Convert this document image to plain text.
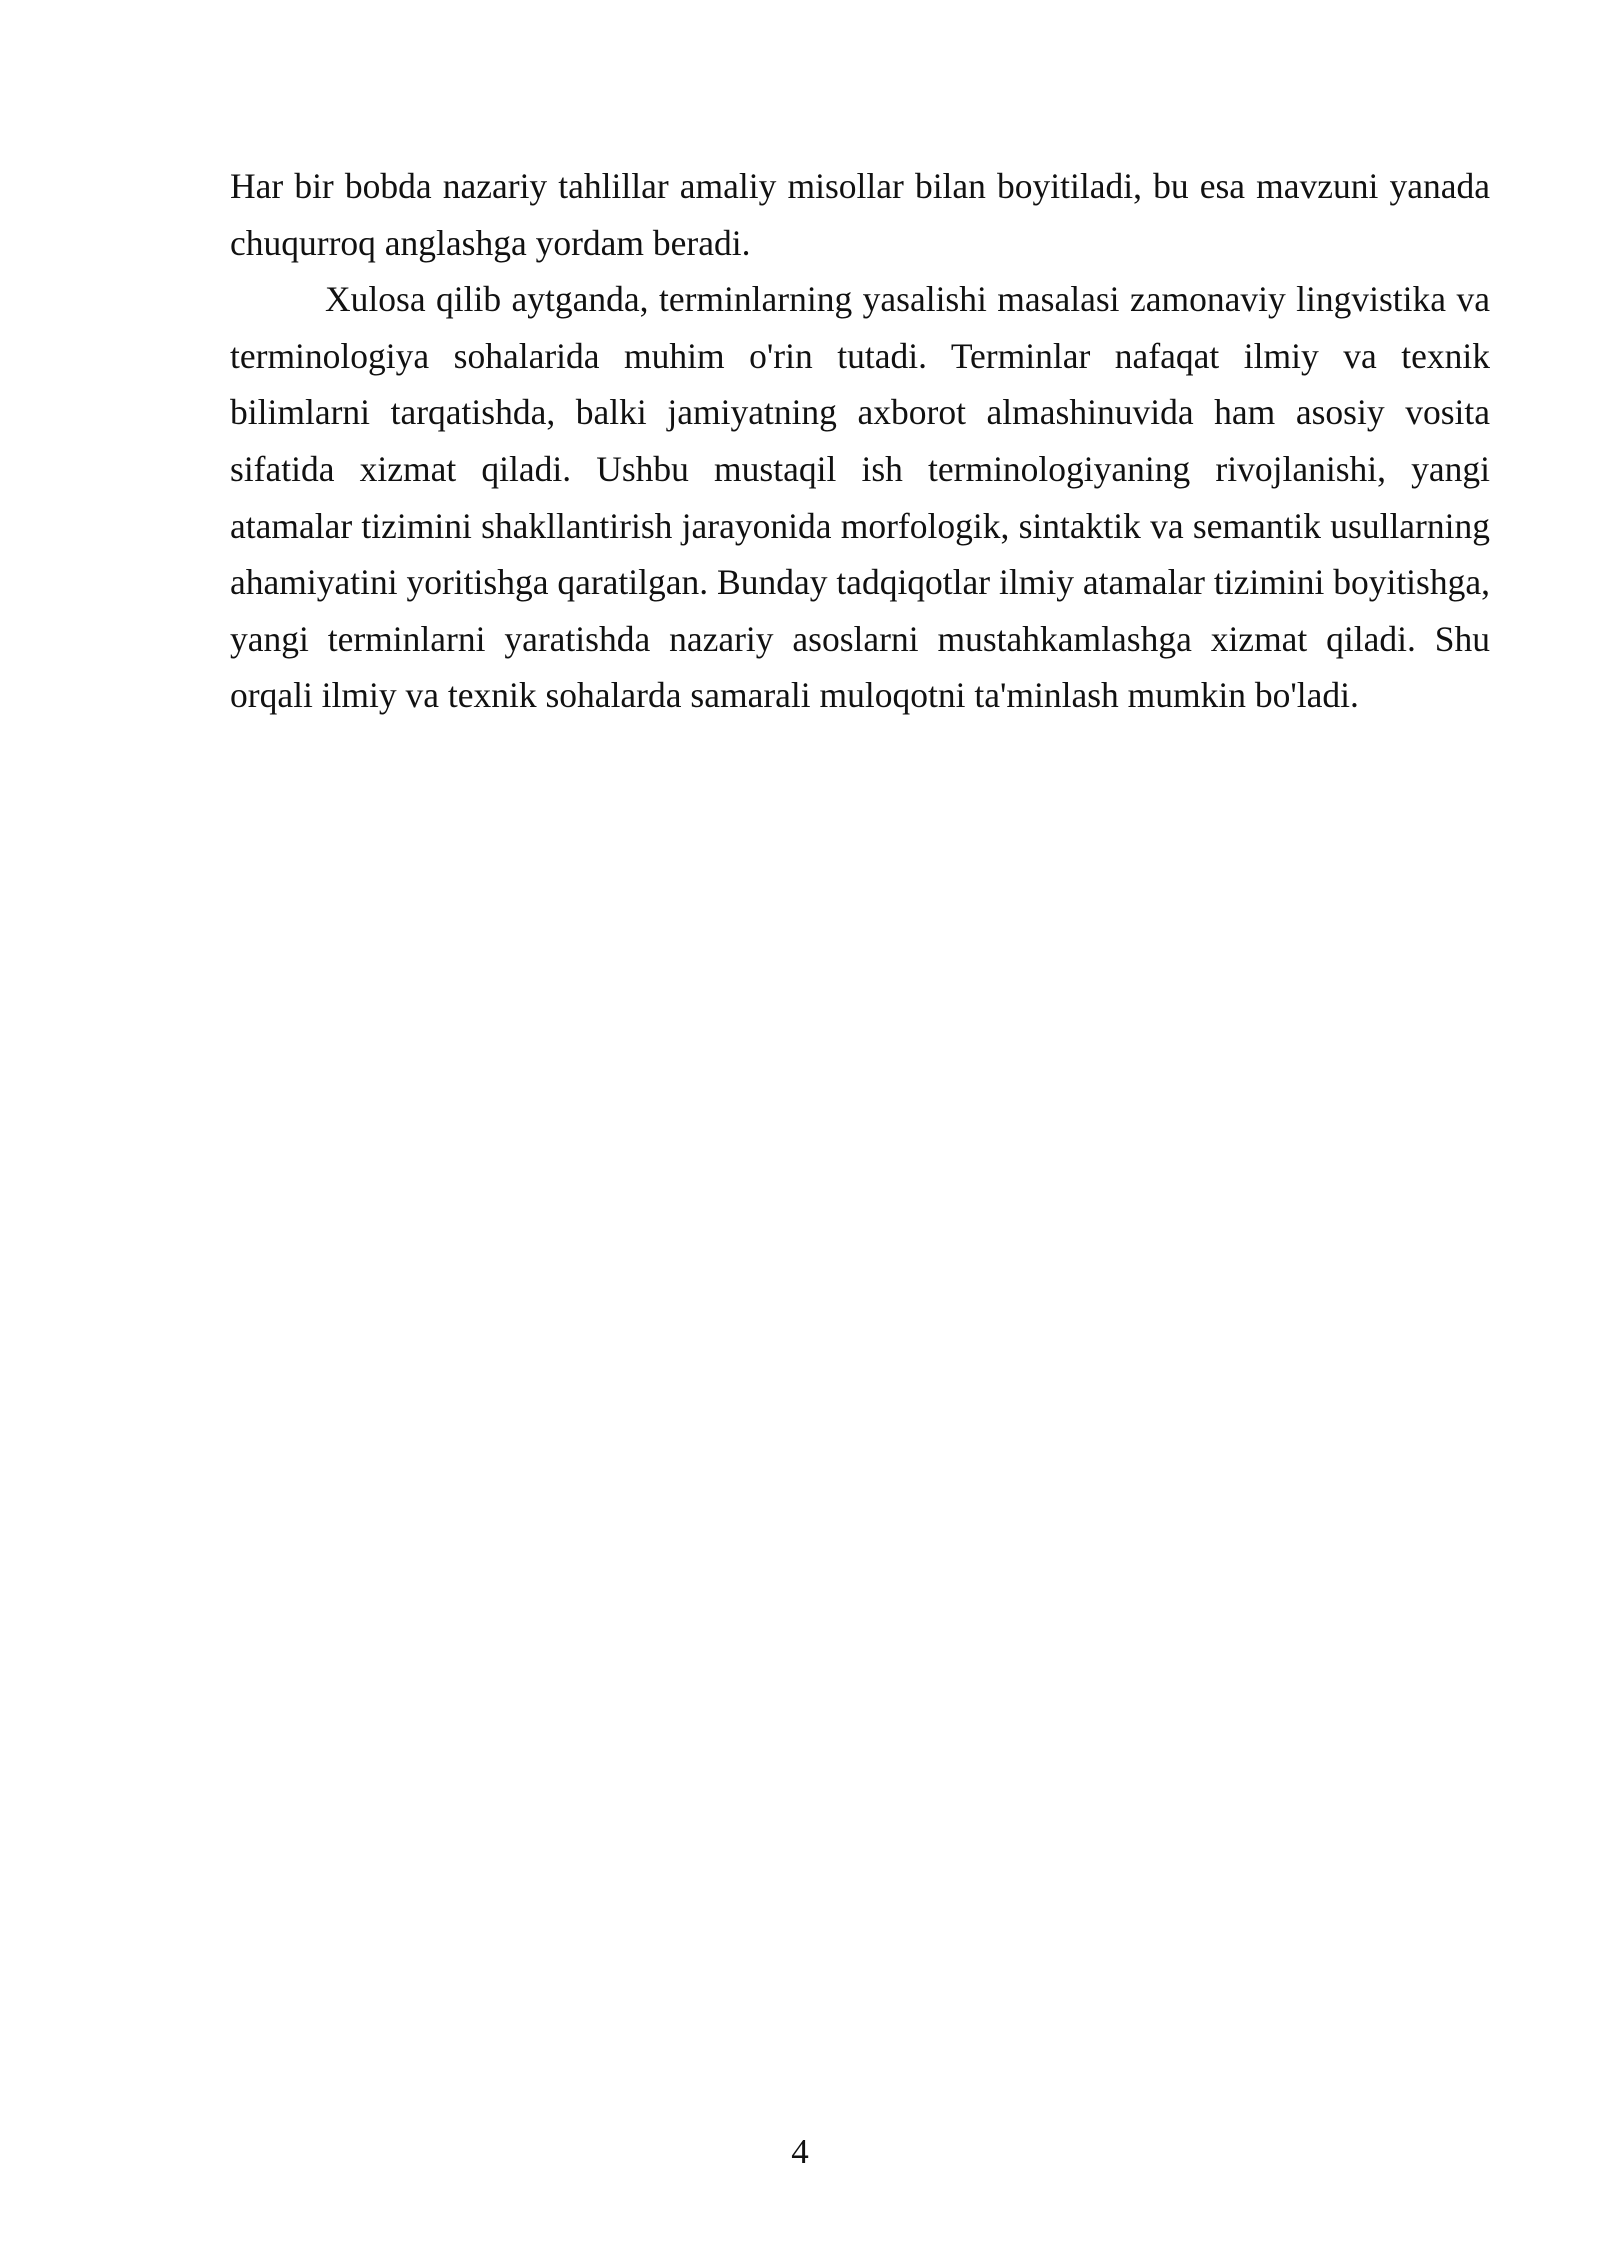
Har bir bobda nazariy tahlillar amaliy misollar bilan boyitiladi, bu esa mavzuni yanada chuqurroq anglashga yordam beradi.

Xulosa qilib aytganda, terminlarning yasalishi masalasi zamonaviy lingvistika va terminologiya sohalarida muhim o'rin tutadi. Terminlar nafaqat ilmiy va texnik bilimlarni tarqatishda, balki jamiyatning axborot almashinuvida ham asosiy vosita sifatida xizmat qiladi. Ushbu mustaqil ish terminologiyaning rivojlanishi, yangi atamalar tizimini shakllantirish jarayonida morfologik, sintaktik va semantik usullarning ahamiyatini yoritishga qaratilgan. Bunday tadqiqotlar ilmiy atamalar tizimini boyitishga, yangi terminlarni yaratishda nazariy asoslarni mustahkamlashga xizmat qiladi. Shu orqali ilmiy va texnik sohalarda samarali muloqotni ta'minlash mumkin bo'ladi.

4
